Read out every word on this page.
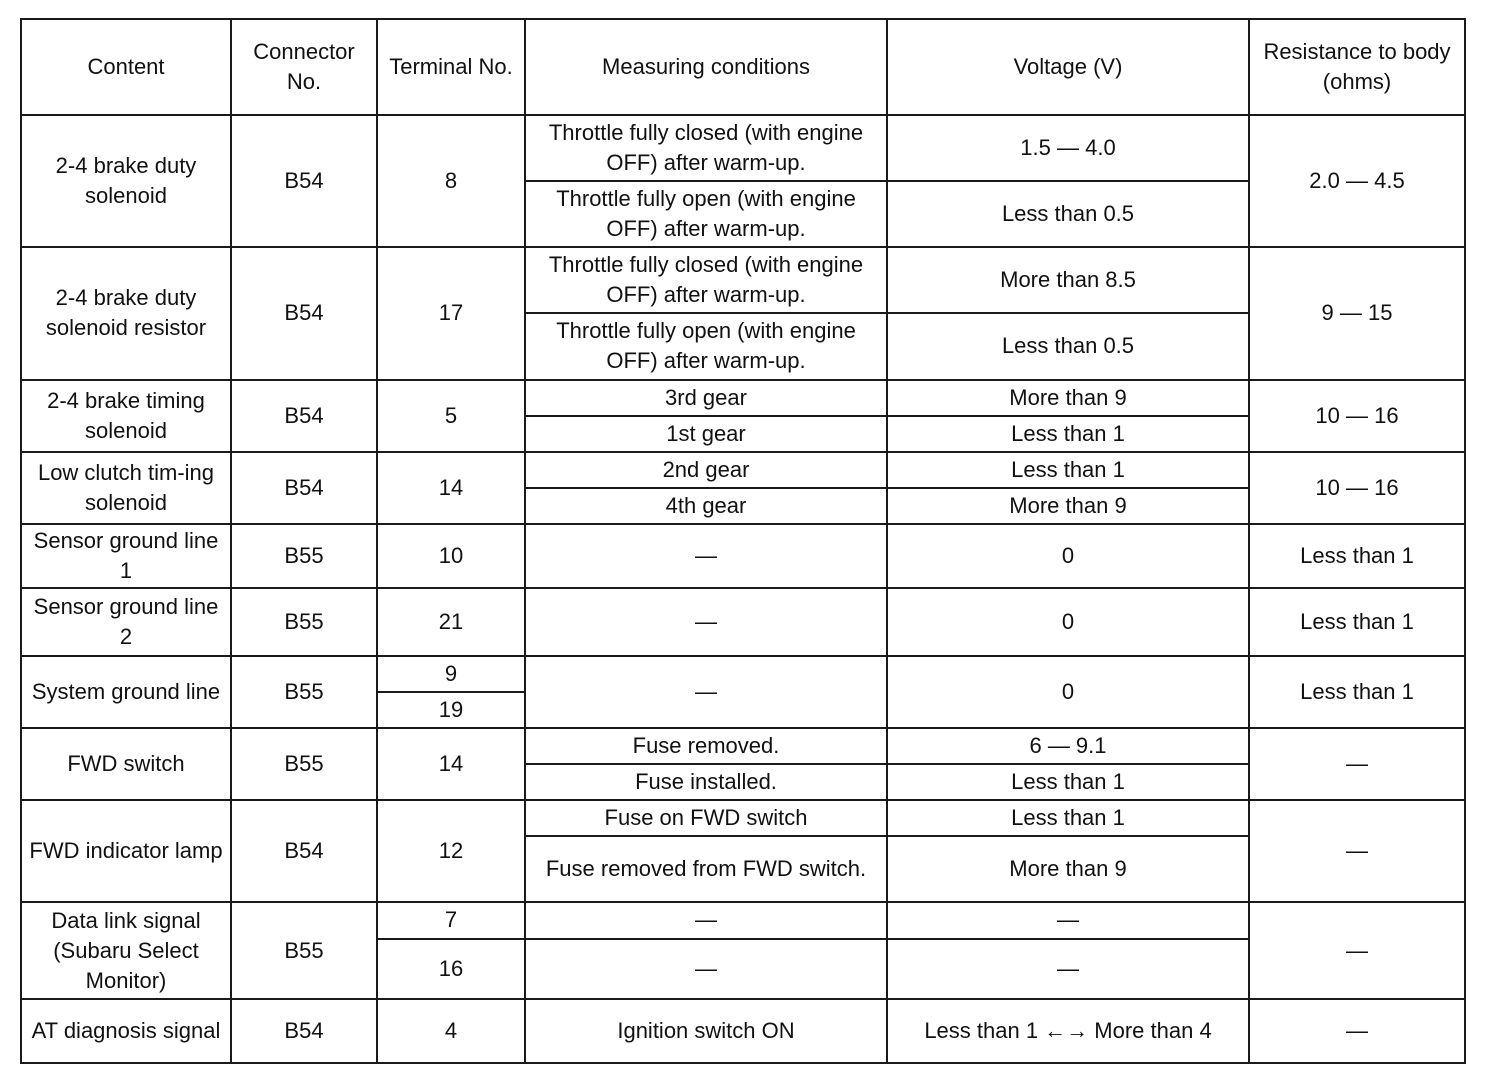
Content	Connector No.	Terminal No.	Measuring conditions	Voltage (V)	Resistance to body (ohms)
2-4 brake duty solenoid	B54	8	Throttle fully closed (with engine OFF) after warm-up.	1.5 — 4.0	2.0 — 4.5
			Throttle fully open (with engine OFF) after warm-up.	Less than 0.5	
2-4 brake duty solenoid resistor	B54	17	Throttle fully closed (with engine OFF) after warm-up.	More than 8.5	9 — 15
			Throttle fully open (with engine OFF) after warm-up.	Less than 0.5	
2-4 brake timing solenoid	B54	5	3rd gear	More than 9	10 — 16
			1st gear	Less than 1	
Low clutch tim-ing solenoid	B54	14	2nd gear	Less than 1	10 — 16
			4th gear	More than 9	
Sensor ground line 1	B55	10	—	0	Less than 1
Sensor ground line 2	B55	21	—	0	Less than 1
System ground line	B55	9	—	0	Less than 1
		19			
FWD switch	B55	14	Fuse removed.	6 — 9.1	—
			Fuse installed.	Less than 1	
FWD indicator lamp	B54	12	Fuse on FWD switch	Less than 1	—
			Fuse removed from FWD switch.	More than 9	
Data link signal (Subaru Select Monitor)	B55	7	—	—	—
		16	—	—	
AT diagnosis signal	B54	4	Ignition switch ON	Less than 1 ←→ More than 4	—
